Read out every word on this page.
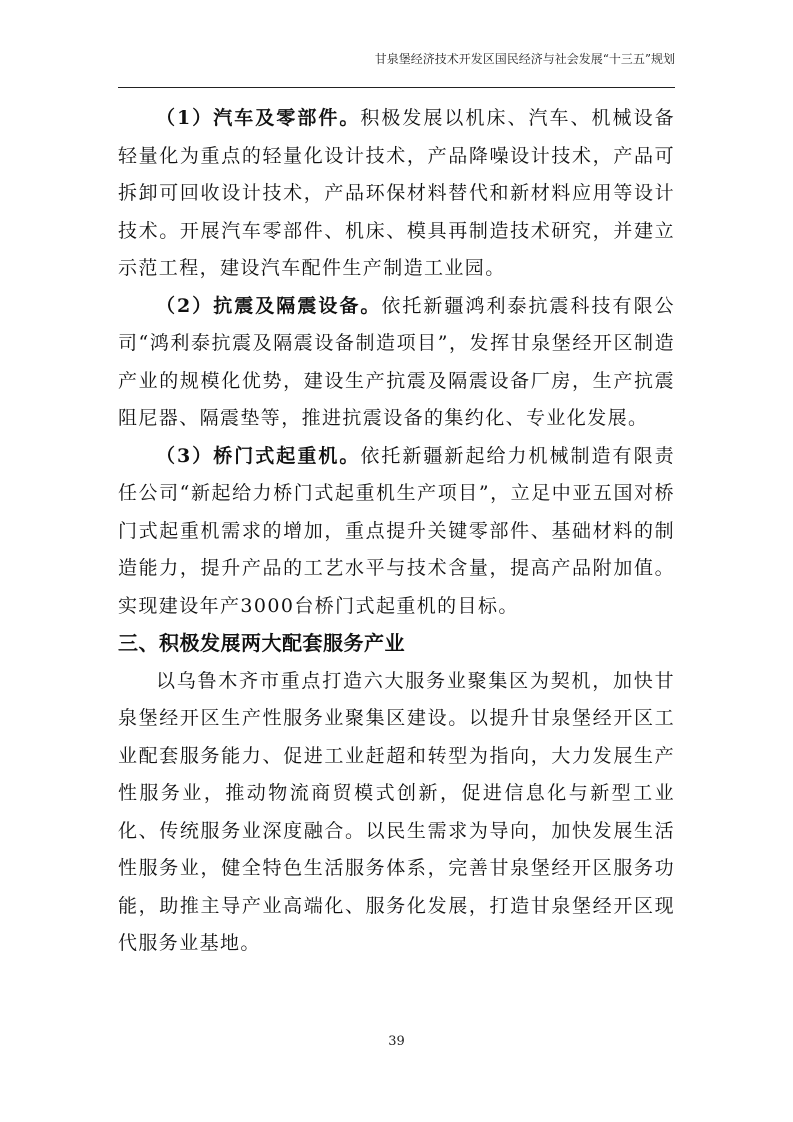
甘泉堡经济技术开发区国民经济与社会发展“十三五”规划

（1）汽车及零部件。积极发展以机床、汽车、机械设备轻量化为重点的轻量化设计技术，产品降噪设计技术，产品可拆卸可回收设计技术，产品环保材料替代和新材料应用等设计技术。开展汽车零部件、机床、模具再制造技术研究，并建立示范工程，建设汽车配件生产制造工业园。

（2）抗震及隔震设备。依托新疆鸿利泰抗震科技有限公司“鸿利泰抗震及隔震设备制造项目”，发挥甘泉堡经开区制造产业的规模化优势，建设生产抗震及隔震设备厂房，生产抗震阻尼器、隔震垫等，推进抗震设备的集约化、专业化发展。

（3）桥门式起重机。依托新疆新起给力机械制造有限责任公司“新起给力桥门式起重机生产项目”，立足中亚五国对桥门式起重机需求的增加，重点提升关键零部件、基础材料的制造能力，提升产品的工艺水平与技术含量，提高产品附加值。实现建设年产3000台桥门式起重机的目标。

三、积极发展两大配套服务产业

以乌鲁木齐市重点打造六大服务业聚集区为契机，加快甘泉堡经开区生产性服务业聚集区建设。以提升甘泉堡经开区工业配套服务能力、促进工业赶超和转型为指向，大力发展生产性服务业，推动物流商贸模式创新，促进信息化与新型工业化、传统服务业深度融合。以民生需求为导向，加快发展生活性服务业，健全特色生活服务体系，完善甘泉堡经开区服务功能，助推主导产业高端化、服务化发展，打造甘泉堡经开区现代服务业基地。

39
